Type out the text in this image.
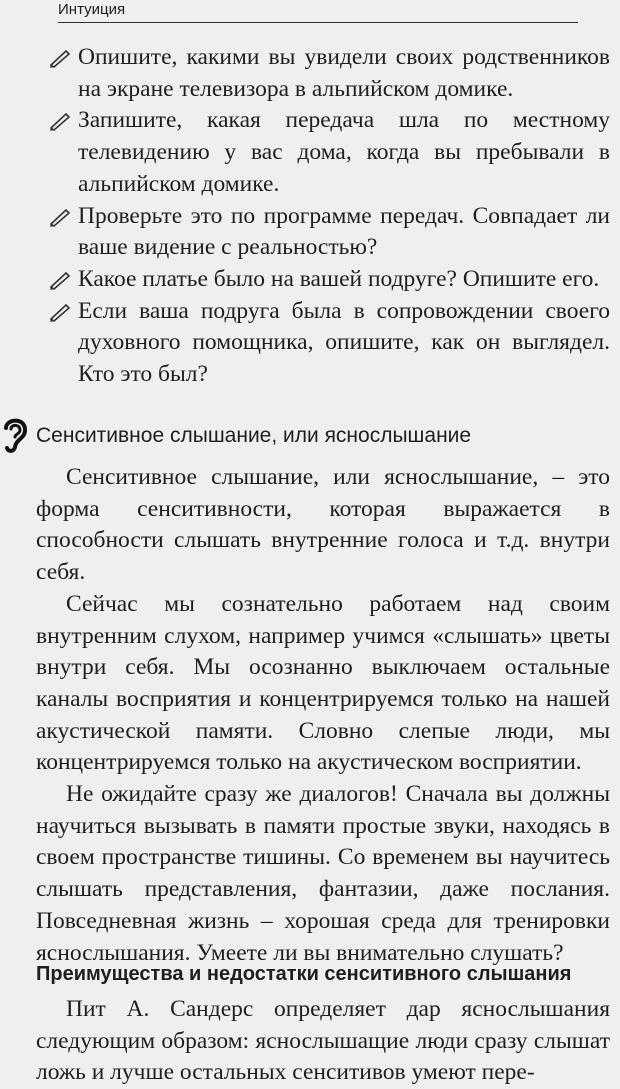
Интуиция

Опишите, какими вы увидели своих родственников на экране телевизора в альпийском домике.

Запишите, какая передача шла по местному телевидению у вас дома, когда вы пребывали в альпийском домике.

Проверьте это по программе передач. Совпадает ли ваше видение с реальностью?

Какое платье было на вашей подруге? Опишите его.

Если ваша подруга была в сопровождении своего духовного помощника, опишите, как он выглядел. Кто это был?

Сенситивное слышание, или яснослышание

Сенситивное слышание, или яснослышание, – это форма сенситивности, которая выражается в способности слышать внутренние голоса и т.д. внутри себя.

Сейчас мы сознательно работаем над своим внутренним слухом, например учимся «слышать» цветы внутри себя. Мы осознанно выключаем остальные каналы восприятия и концентрируемся только на нашей акустической памяти. Словно слепые люди, мы концентрируемся только на акустическом восприятии.

Не ожидайте сразу же диалогов! Сначала вы должны научиться вызывать в памяти простые звуки, находясь в своем пространстве тишины. Со временем вы научитесь слышать представления, фантазии, даже послания. Повседневная жизнь – хорошая среда для тренировки яснослышания. Умеете ли вы внимательно слушать?

Преимущества и недостатки сенситивного слышания

Пит А. Сандерс определяет дар яснослышания следующим образом: яснослышащие люди сразу слышат ложь и лучше остальных сенситивов умеют пере-
